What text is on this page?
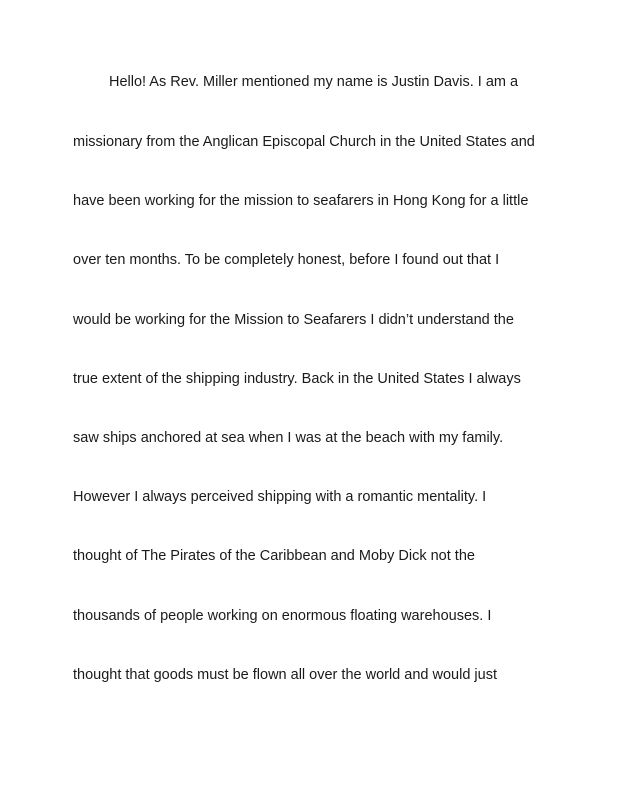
Hello! As Rev. Miller mentioned my name is Justin Davis. I am a
missionary from the Anglican Episcopal Church in the United States and
have been working for the mission to seafarers in Hong Kong for a little
over ten months. To be completely honest, before I found out that I
would be working for the Mission to Seafarers I didn’t understand the
true extent of the shipping industry. Back in the United States I always
saw ships anchored at sea when I was at the beach with my family.
However I always perceived shipping with a romantic mentality. I
thought of The Pirates of the Caribbean and Moby Dick not the
thousands of people working on enormous floating warehouses. I
thought that goods must be flown all over the world and would just
